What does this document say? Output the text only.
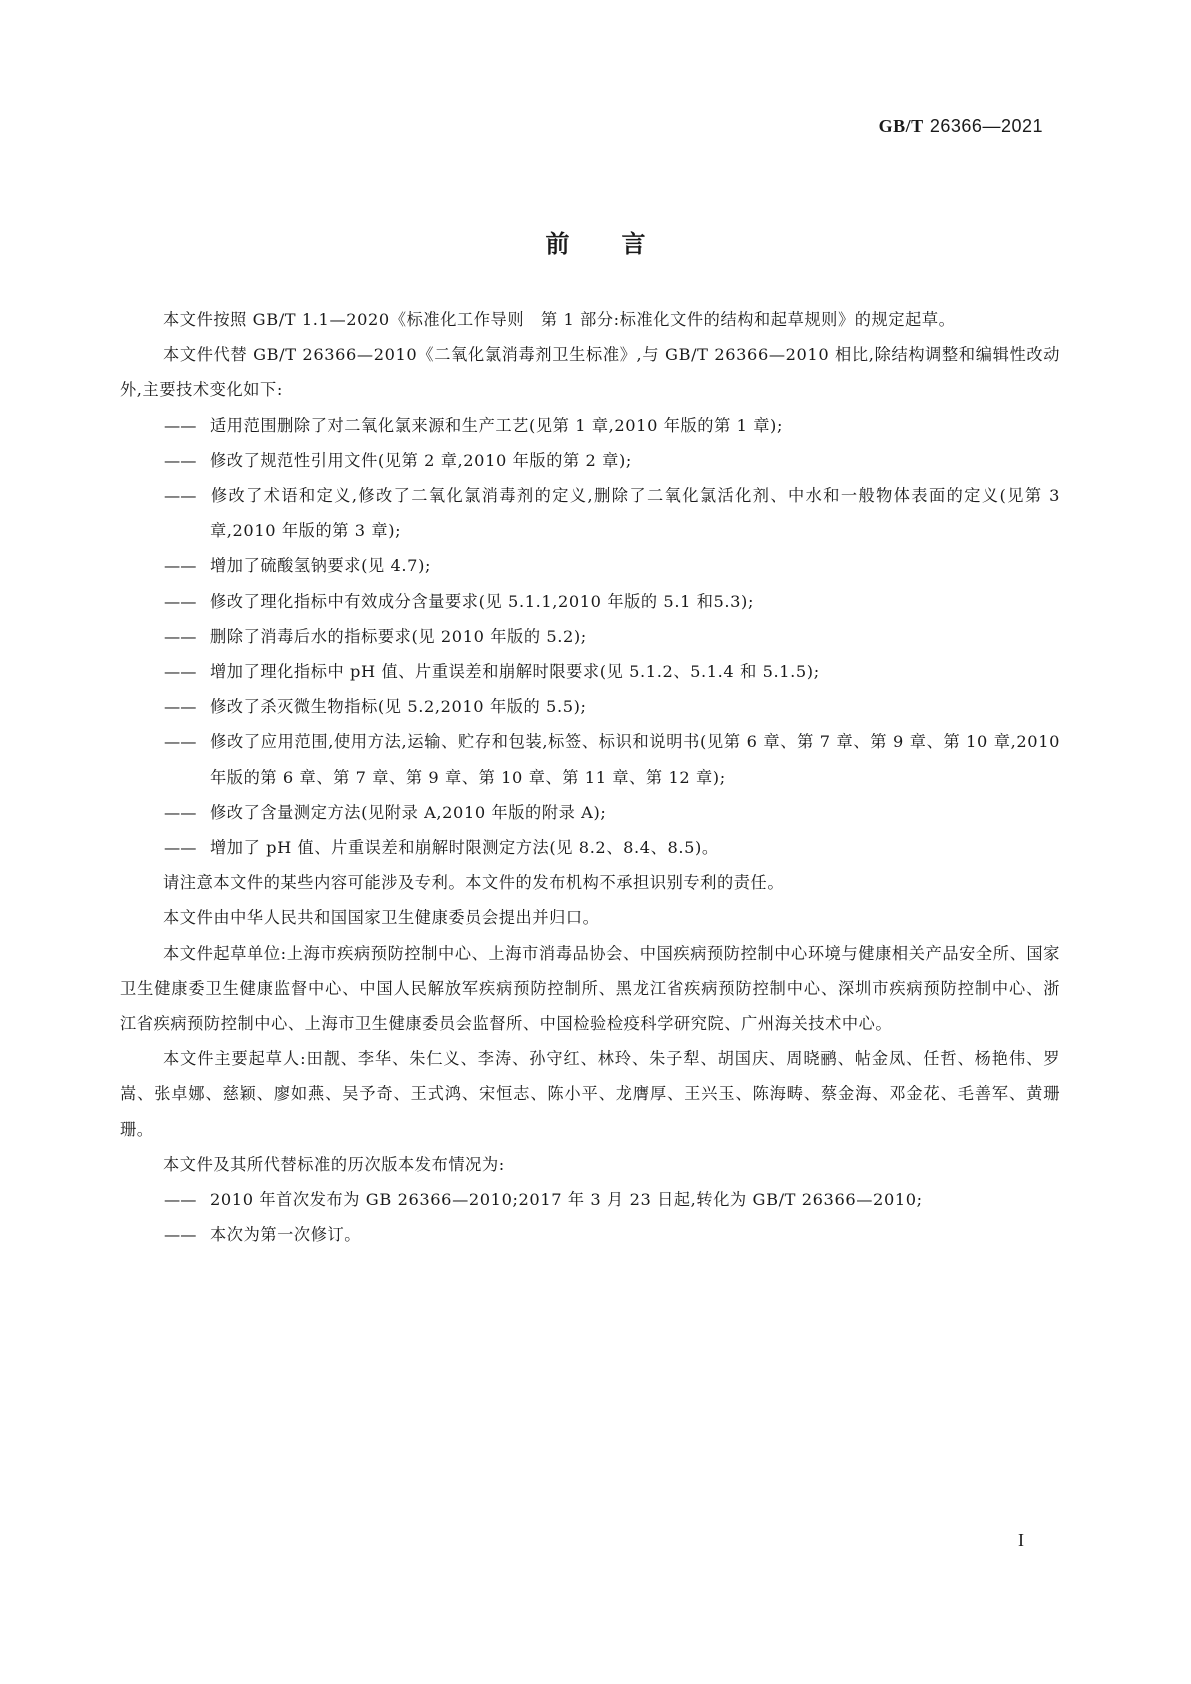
GB/T 26366—2021
前言

本文件按照 GB/T 1.1—2020《标准化工作导则　第 1 部分:标准化文件的结构和起草规则》的规定起草。

本文件代替 GB/T 26366—2010《二氧化氯消毒剂卫生标准》,与 GB/T 26366—2010 相比,除结构调整和编辑性改动外,主要技术变化如下:

—— 适用范围删除了对二氧化氯来源和生产工艺(见第 1 章,2010 年版的第 1 章);

—— 修改了规范性引用文件(见第 2 章,2010 年版的第 2 章);

—— 修改了术语和定义,修改了二氧化氯消毒剂的定义,删除了二氧化氯活化剂、中水和一般物体表面的定义(见第 3 章,2010 年版的第 3 章);

—— 增加了硫酸氢钠要求(见 4.7);

—— 修改了理化指标中有效成分含量要求(见 5.1.1,2010 年版的 5.1 和5.3);

—— 删除了消毒后水的指标要求(见 2010 年版的 5.2);

—— 增加了理化指标中 pH 值、片重误差和崩解时限要求(见 5.1.2、5.1.4 和 5.1.5);

—— 修改了杀灭微生物指标(见 5.2,2010 年版的 5.5);

—— 修改了应用范围,使用方法,运输、贮存和包装,标签、标识和说明书(见第 6 章、第 7 章、第 9 章、第 10 章,2010 年版的第 6 章、第 7 章、第 9 章、第 10 章、第 11 章、第 12 章);

—— 修改了含量测定方法(见附录 A,2010 年版的附录 A);

—— 增加了 pH 值、片重误差和崩解时限测定方法(见 8.2、8.4、8.5)。

请注意本文件的某些内容可能涉及专利。本文件的发布机构不承担识别专利的责任。

本文件由中华人民共和国国家卫生健康委员会提出并归口。

本文件起草单位:上海市疾病预防控制中心、上海市消毒品协会、中国疾病预防控制中心环境与健康相关产品安全所、国家卫生健康委卫生健康监督中心、中国人民解放军疾病预防控制所、黑龙江省疾病预防控制中心、深圳市疾病预防控制中心、浙江省疾病预防控制中心、上海市卫生健康委员会监督所、中国检验检疫科学研究院、广州海关技术中心。

本文件主要起草人:田靓、李华、朱仁义、李涛、孙守红、林玲、朱子犁、胡国庆、周晓鹂、帖金凤、任哲、杨艳伟、罗嵩、张卓娜、慈颖、廖如燕、吴予奇、王式鸿、宋恒志、陈小平、龙膺厚、王兴玉、陈海畴、蔡金海、邓金花、毛善军、黄珊珊。

本文件及其所代替标准的历次版本发布情况为:

—— 2010 年首次发布为 GB 26366—2010;2017 年 3 月 23 日起,转化为 GB/T 26366—2010;

—— 本次为第一次修订。

I
